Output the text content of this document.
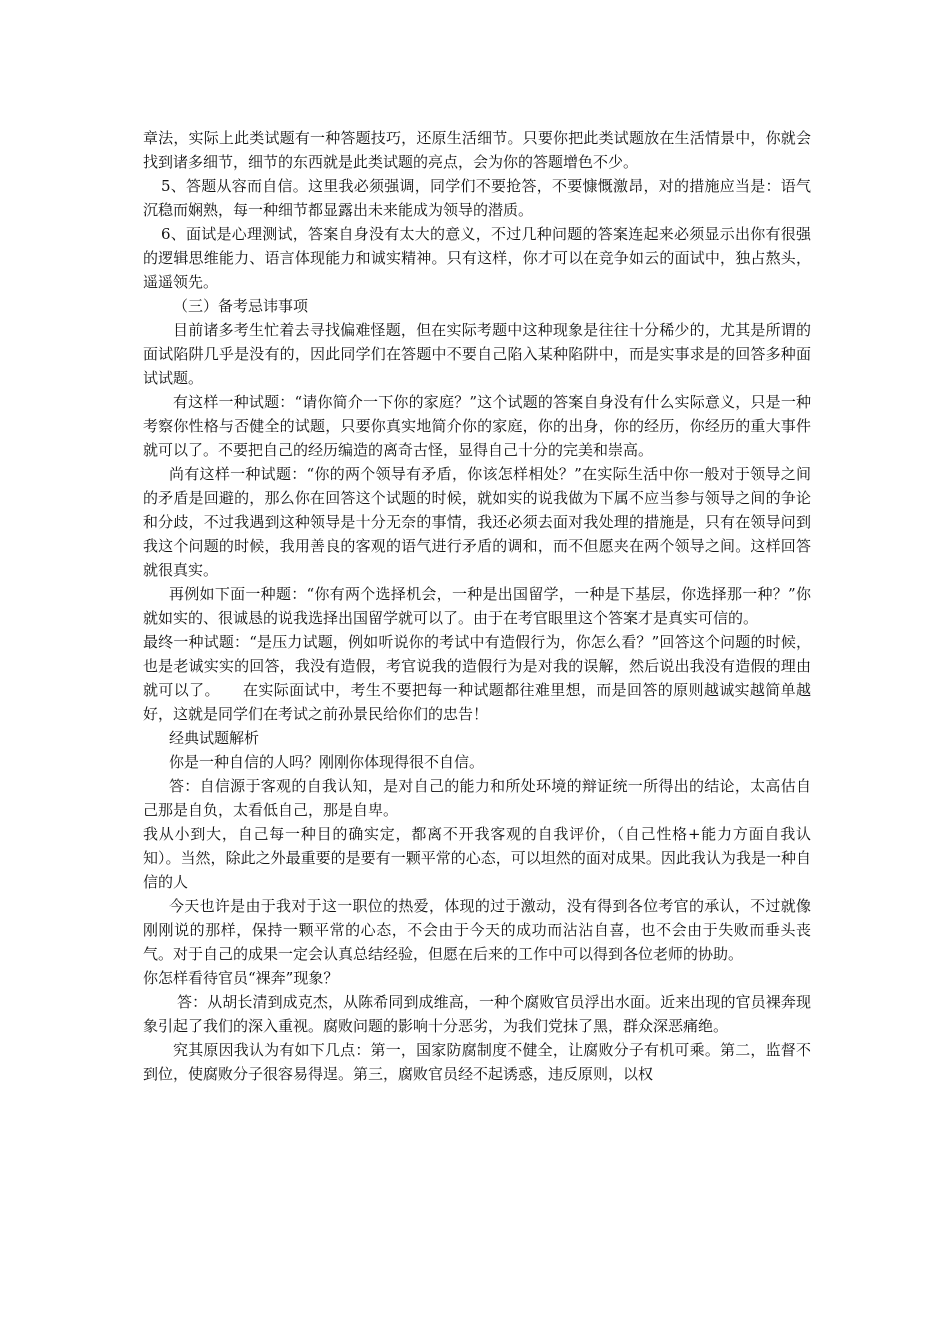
章法，实际上此类试题有一种答题技巧，还原生活细节。只要你把此类试题放在生活情景中，你就会找到诸多细节，细节的东西就是此类试题的亮点，会为你的答题增色不少。

5、答题从容而自信。这里我必须强调，同学们不要抢答，不要慷慨激昂，对的措施应当是：语气沉稳而娴熟，每一种细节都显露出未来能成为领导的潜质。

6、面试是心理测试，答案自身没有太大的意义，不过几种问题的答案连起来必须显示出你有很强的逻辑思维能力、语言体现能力和诚实精神。只有这样，你才可以在竞争如云的面试中，独占熬头，遥遥领先。

（三）备考忌讳事项

目前诸多考生忙着去寻找偏难怪题，但在实际考题中这种现象是往往十分稀少的，尤其是所谓的面试陷阱几乎是没有的，因此同学们在答题中不要自己陷入某种陷阱中，而是实事求是的回答多种面试试题。

有这样一种试题：“请你简介一下你的家庭？”这个试题的答案自身没有什么实际意义，只是一种考察你性格与否健全的试题，只要你真实地简介你的家庭，你的出身，你的经历，你经历的重大事件就可以了。不要把自己的经历编造的离奇古怪，显得自己十分的完美和崇高。

尚有这样一种试题：“你的两个领导有矛盾，你该怎样相处？”在实际生活中你一般对于领导之间的矛盾是回避的，那么你在回答这个试题的时候，就如实的说我做为下属不应当参与领导之间的争论和分歧，不过我遇到这种领导是十分无奈的事情，我还必须去面对我处理的措施是，只有在领导问到我这个问题的时候，我用善良的客观的语气进行矛盾的调和，而不但愿夹在两个领导之间。这样回答就很真实。

再例如下面一种题：“你有两个选择机会，一种是出国留学，一种是下基层，你选择那一种？”你就如实的、很诚恳的说我选择出国留学就可以了。由于在考官眼里这个答案才是真实可信的。

最终一种试题：“是压力试题，例如听说你的考试中有造假行为，你怎么看？”回答这个问题的时候，也是老诚实实的回答，我没有造假，考官说我的造假行为是对我的误解，然后说出我没有造假的理由就可以了。　　在实际面试中，考生不要把每一种试题都往难里想，而是回答的原则越诚实越简单越好，这就是同学们在考试之前孙景民给你们的忠告！

经典试题解析

你是一种自信的人吗？刚刚你体现得很不自信。

答：自信源于客观的自我认知，是对自己的能力和所处环境的辩证统一所得出的结论，太高估自己那是自负，太看低自己，那是自卑。

我从小到大，自己每一种目的确实定，都离不开我客观的自我评价，（自己性格+能力方面自我认知）。当然，除此之外最重要的是要有一颗平常的心态，可以坦然的面对成果。因此我认为我是一种自信的人

今天也许是由于我对于这一职位的热爱，体现的过于激动，没有得到各位考官的承认，不过就像刚刚说的那样，保持一颗平常的心态，不会由于今天的成功而沾沾自喜，也不会由于失败而垂头丧气。对于自己的成果一定会认真总结经验，但愿在后来的工作中可以得到各位老师的协助。

你怎样看待官员“裸奔”现象？

答：从胡长清到成克杰，从陈希同到成维高，一种个腐败官员浮出水面。近来出现的官员裸奔现象引起了我们的深入重视。腐败问题的影响十分恶劣，为我们党抹了黑，群众深恶痛绝。

究其原因我认为有如下几点：第一，国家防腐制度不健全，让腐败分子有机可乘。第二，监督不到位，使腐败分子很容易得逞。第三，腐败官员经不起诱惑，违反原则，以权
